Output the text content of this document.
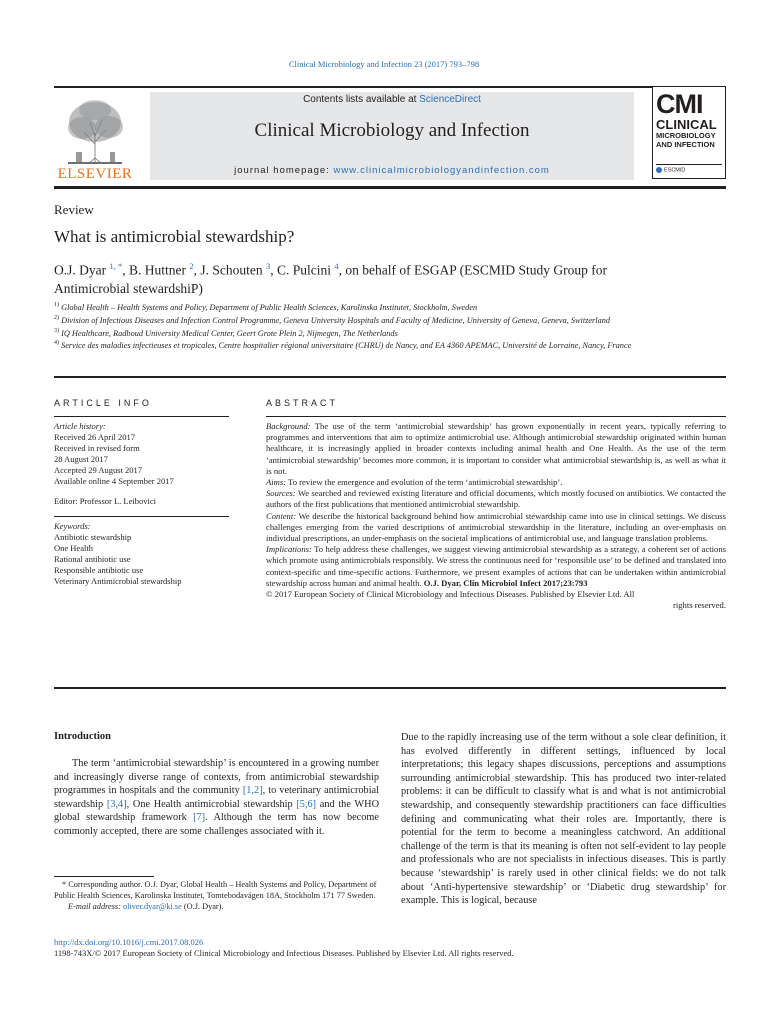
Clinical Microbiology and Infection 23 (2017) 793‒798
ELSEVIER
Contents lists available at ScienceDirect
Clinical Microbiology and Infection
journal homepage: www.clinicalmicrobiologyandinfection.com
CMI
CLINICAL
MICROBIOLOGY
AND INFECTION
ESCMID
Review
What is antimicrobial stewardship?
O.J. Dyar $^{1, *}$, B. Huttner $^2$, J. Schouten $^3$, C. Pulcini $^4$, on behalf of ESGAP (ESCMID Study Group for Antimicrobial stewardshiP)
$^{1)}$ Global Health – Health Systems and Policy, Department of Public Health Sciences, Karolinska Institutet, Stockholm, Sweden
$^{2)}$ Division of Infectious Diseases and Infection Control Programme, Geneva University Hospitals and Faculty of Medicine, University of Geneva, Geneva, Switzerland
$^{3)}$ IQ Healthcare, Radboud University Medical Center, Geert Grote Plein 2, Nijmegen, The Netherlands
$^{4)}$ Service des maladies infectieuses et tropicales, Centre hospitalier régional universitaire (CHRU) de Nancy, and EA 4360 APEMAC, Université de Lorraine, Nancy, France
ARTICLE INFO
Article history:
Received 26 April 2017
Received in revised form
28 August 2017
Accepted 29 August 2017
Available online 4 September 2017
Editor: Professor L. Leibovici
Keywords:
Antibiotic stewardship
One Health
Rational antibiotic use
Responsible antibiotic use
Veterinary Antimicrobial stewardship
ABSTRACT
Background: The use of the term ‘antimicrobial stewardship’ has grown exponentially in recent years, typically referring to programmes and interventions that aim to optimize antimicrobial use. Although antimicrobial stewardship originated within human healthcare, it is increasingly applied in broader contexts including animal health and One Health. As the use of the term ‘antimicrobial stewardship’ becomes more common, it is important to consider what antimicrobial stewardship is, as well as what it is not.
Aims: To review the emergence and evolution of the term ‘antimicrobial stewardship’.
Sources: We searched and reviewed existing literature and official documents, which mostly focused on antibiotics. We contacted the authors of the first publications that mentioned antimicrobial stewardship.
Content: We describe the historical background behind how antimicrobial stewardship came into use in clinical settings. We discuss challenges emerging from the varied descriptions of antimicrobial stewardship in the literature, including an over-emphasis on individual prescriptions, an under-emphasis on the societal implications of antimicrobial use, and language translation problems.
Implications: To help address these challenges, we suggest viewing antimicrobial stewardship as a strategy, a coherent set of actions which promote using antimicrobials responsibly. We stress the continuous need for ‘responsible use’ to be defined and translated into context-specific and time-specific actions. Furthermore, we present examples of actions that can be undertaken within antimicrobial stewardship across human and animal health. O.J. Dyar, Clin Microbiol Infect 2017;23:793
© 2017 European Society of Clinical Microbiology and Infectious Diseases. Published by Elsevier Ltd. All
rights reserved.
Introduction
The term ‘antimicrobial stewardship’ is encountered in a growing number and increasingly diverse range of contexts, from antimicrobial stewardship programmes in hospitals and the community [1,2], to veterinary antimicrobial stewardship [3,4], One Health antimicrobial stewardship [5,6] and the WHO global stewardship framework [7]. Although the term has now become commonly accepted, there are some challenges associated with it.
Due to the rapidly increasing use of the term without a sole clear definition, it has evolved differently in different settings, influenced by local interpretations; this legacy shapes discussions, perceptions and assumptions surrounding antimicrobial stewardship. This has produced two inter-related problems: it can be difficult to classify what is and what is not antimicrobial stewardship, and consequently stewardship practitioners can face difficulties defining and communicating what their roles are. Importantly, there is potential for the term to become a meaningless catchword. An additional challenge of the term is that its meaning is often not self-evident to lay people and professionals who are not specialists in infectious diseases. This is partly because ‘stewardship’ is rarely used in other clinical fields: we do not talk about ‘Anti-hypertensive stewardship’ or ‘Diabetic drug stewardship’ for example. This is logical, because
* Corresponding author. O.J. Dyar, Global Health – Health Systems and Policy, Department of Public Health Sciences, Karolinska Institutet, Tomtebodavägen 18A, Stockholm 171 77 Sweden.
E-mail address: oliver.dyar@ki.se (O.J. Dyar).
http://dx.doi.org/10.1016/j.cmi.2017.08.026
1198-743X/© 2017 European Society of Clinical Microbiology and Infectious Diseases. Published by Elsevier Ltd. All rights reserved.
